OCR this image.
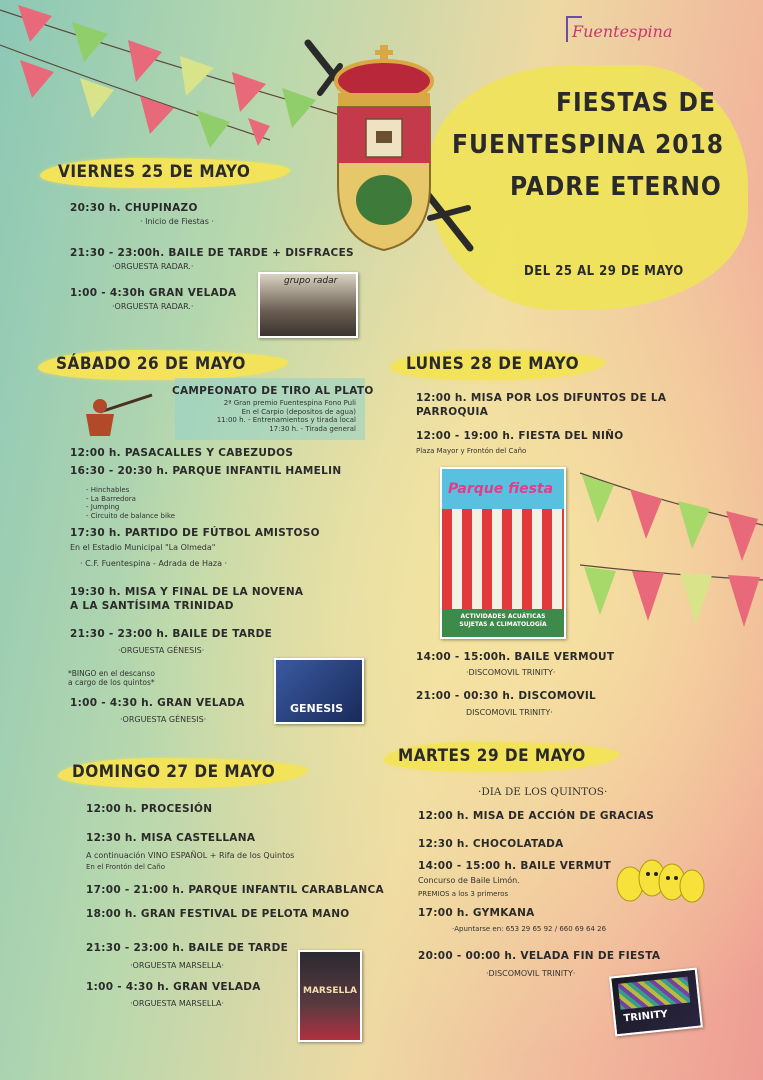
Fuentespina
FIESTAS DE
FUENTESPINA 2018
PADRE ETERNO
DEL 25 AL 29 DE MAYO
VIERNES 25 DE MAYO
20:30 h. CHUPINAZO
· Inicio de Fiestas ·
21:30 - 23:00h. BAILE DE TARDE + DISFRACES
·ORGUESTA RADAR.·
1:00 - 4:30h GRAN VELADA
·ORGUESTA RADAR.·
grupo radar
SÁBADO 26 DE MAYO
CAMPEONATO DE TIRO AL PLATO
2ª Gran premio Fuentespina Fono Puli
En el Carpio (depositos de agua)
11:00 h. - Entrenamientos y tirada local
17:30 h. - Tirada general
12:00 h. PASACALLES Y CABEZUDOS
16:30 - 20:30 h. PARQUE INFANTIL HAMELIN
- Hinchables
- La Barredora
- Jumping
- Circuito de balance bike
17:30 h. PARTIDO DE FÚTBOL AMISTOSO
En el Estadio Municipal "La Olmeda"
· C.F. Fuentespina - Adrada de Haza ·
19:30 h. MISA Y FINAL DE LA NOVENA
A LA SANTÍSIMA TRINIDAD
21:30 - 23:00 h. BAILE DE TARDE
·ORGUESTA GÉNESIS·
*BINGO en el descanso
a cargo de los quintos*
1:00 - 4:30 h. GRAN VELADA
·ORGUESTA GÉNESIS·
GENESIS
DOMINGO 27 DE MAYO
12:00 h. PROCESIÓN
12:30 h. MISA CASTELLANA
A continuación VINO ESPAÑOL + Rifa de los Quintos
En el Frontón del Caño
17:00 - 21:00 h. PARQUE INFANTIL CARABLANCA
18:00 h. GRAN FESTIVAL DE PELOTA MANO
21:30 - 23:00 h. BAILE DE TARDE
·ORGUESTA MARSELLA·
1:00 - 4:30 h. GRAN VELADA
·ORGUESTA MARSELLA·
MARSELLA
LUNES 28 DE MAYO
12:00 h. MISA POR LOS DIFUNTOS DE LA
PARROQUIA
12:00 - 19:00 h. FIESTA DEL NIÑO
Plaza Mayor y Frontón del Caño
Parque fiesta
ACTIVIDADES ACUÁTICAS SUJETAS A CLIMATOLOGÍA
14:00 - 15:00h. BAILE VERMOUT
·DISCOMOVIL TRINITY·
21:00 - 00:30 h. DISCOMOVIL
DISCOMOVIL TRINITY·
MARTES 29 DE MAYO
·DIA DE LOS QUINTOS·
12:00 h. MISA DE ACCIÓN DE GRACIAS
12:30 h. CHOCOLATADA
14:00 - 15:00 h. BAILE VERMUT
Concurso de Baile Limón.
PREMIOS a los 3 primeros
17:00 h. GYMKANA
·Apuntarse en: 653 29 65 92 / 660 69 64 26
20:00 - 00:00 h. VELADA FIN DE FIESTA
·DISCOMOVIL TRINITY·
TRINITY
